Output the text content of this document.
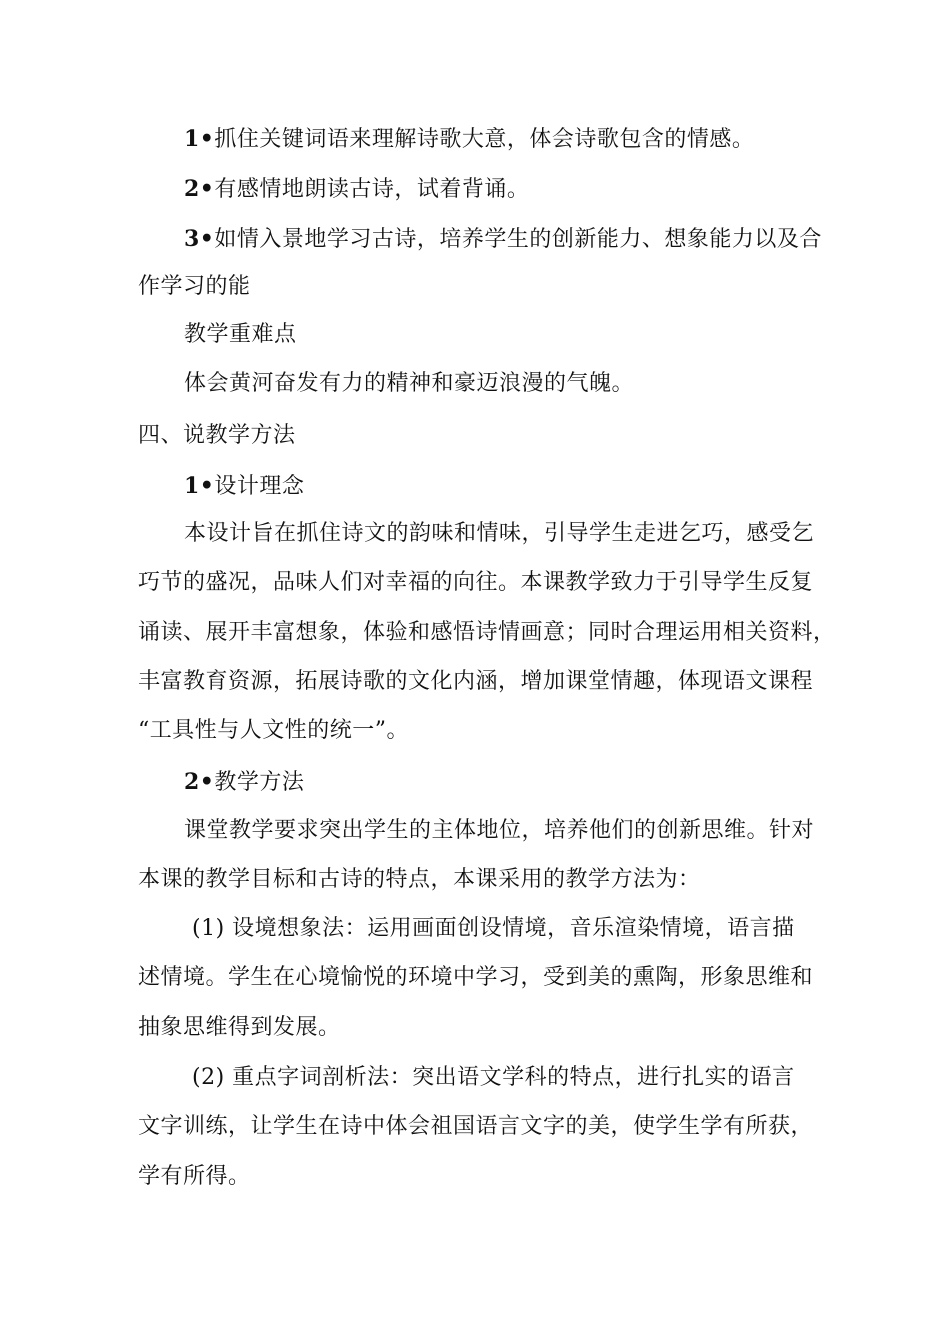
1•抓住关键词语来理解诗歌大意，体会诗歌包含的情感。
2•有感情地朗读古诗，试着背诵。
3•如情入景地学习古诗，培养学生的创新能力、想象能力以及合
作学习的能
教学重难点
体会黄河奋发有力的精神和豪迈浪漫的气魄。
四、说教学方法
1•设计理念
本设计旨在抓住诗文的韵味和情味，引导学生走进乞巧，感受乞
巧节的盛况，品味人们对幸福的向往。本课教学致力于引导学生反复
诵读、展开丰富想象，体验和感悟诗情画意；同时合理运用相关资料，
丰富教育资源，拓展诗歌的文化内涵，增加课堂情趣，体现语文课程
“工具性与人文性的统一”。
2•教学方法
课堂教学要求突出学生的主体地位，培养他们的创新思维。针对
本课的教学目标和古诗的特点，本课采用的教学方法为：
(1) 设境想象法：运用画面创设情境，音乐渲染情境，语言描
述情境。学生在心境愉悦的环境中学习，受到美的熏陶，形象思维和
抽象思维得到发展。
(2) 重点字词剖析法：突出语文学科的特点，进行扎实的语言
文字训练，让学生在诗中体会祖国语言文字的美，使学生学有所获，
学有所得。
